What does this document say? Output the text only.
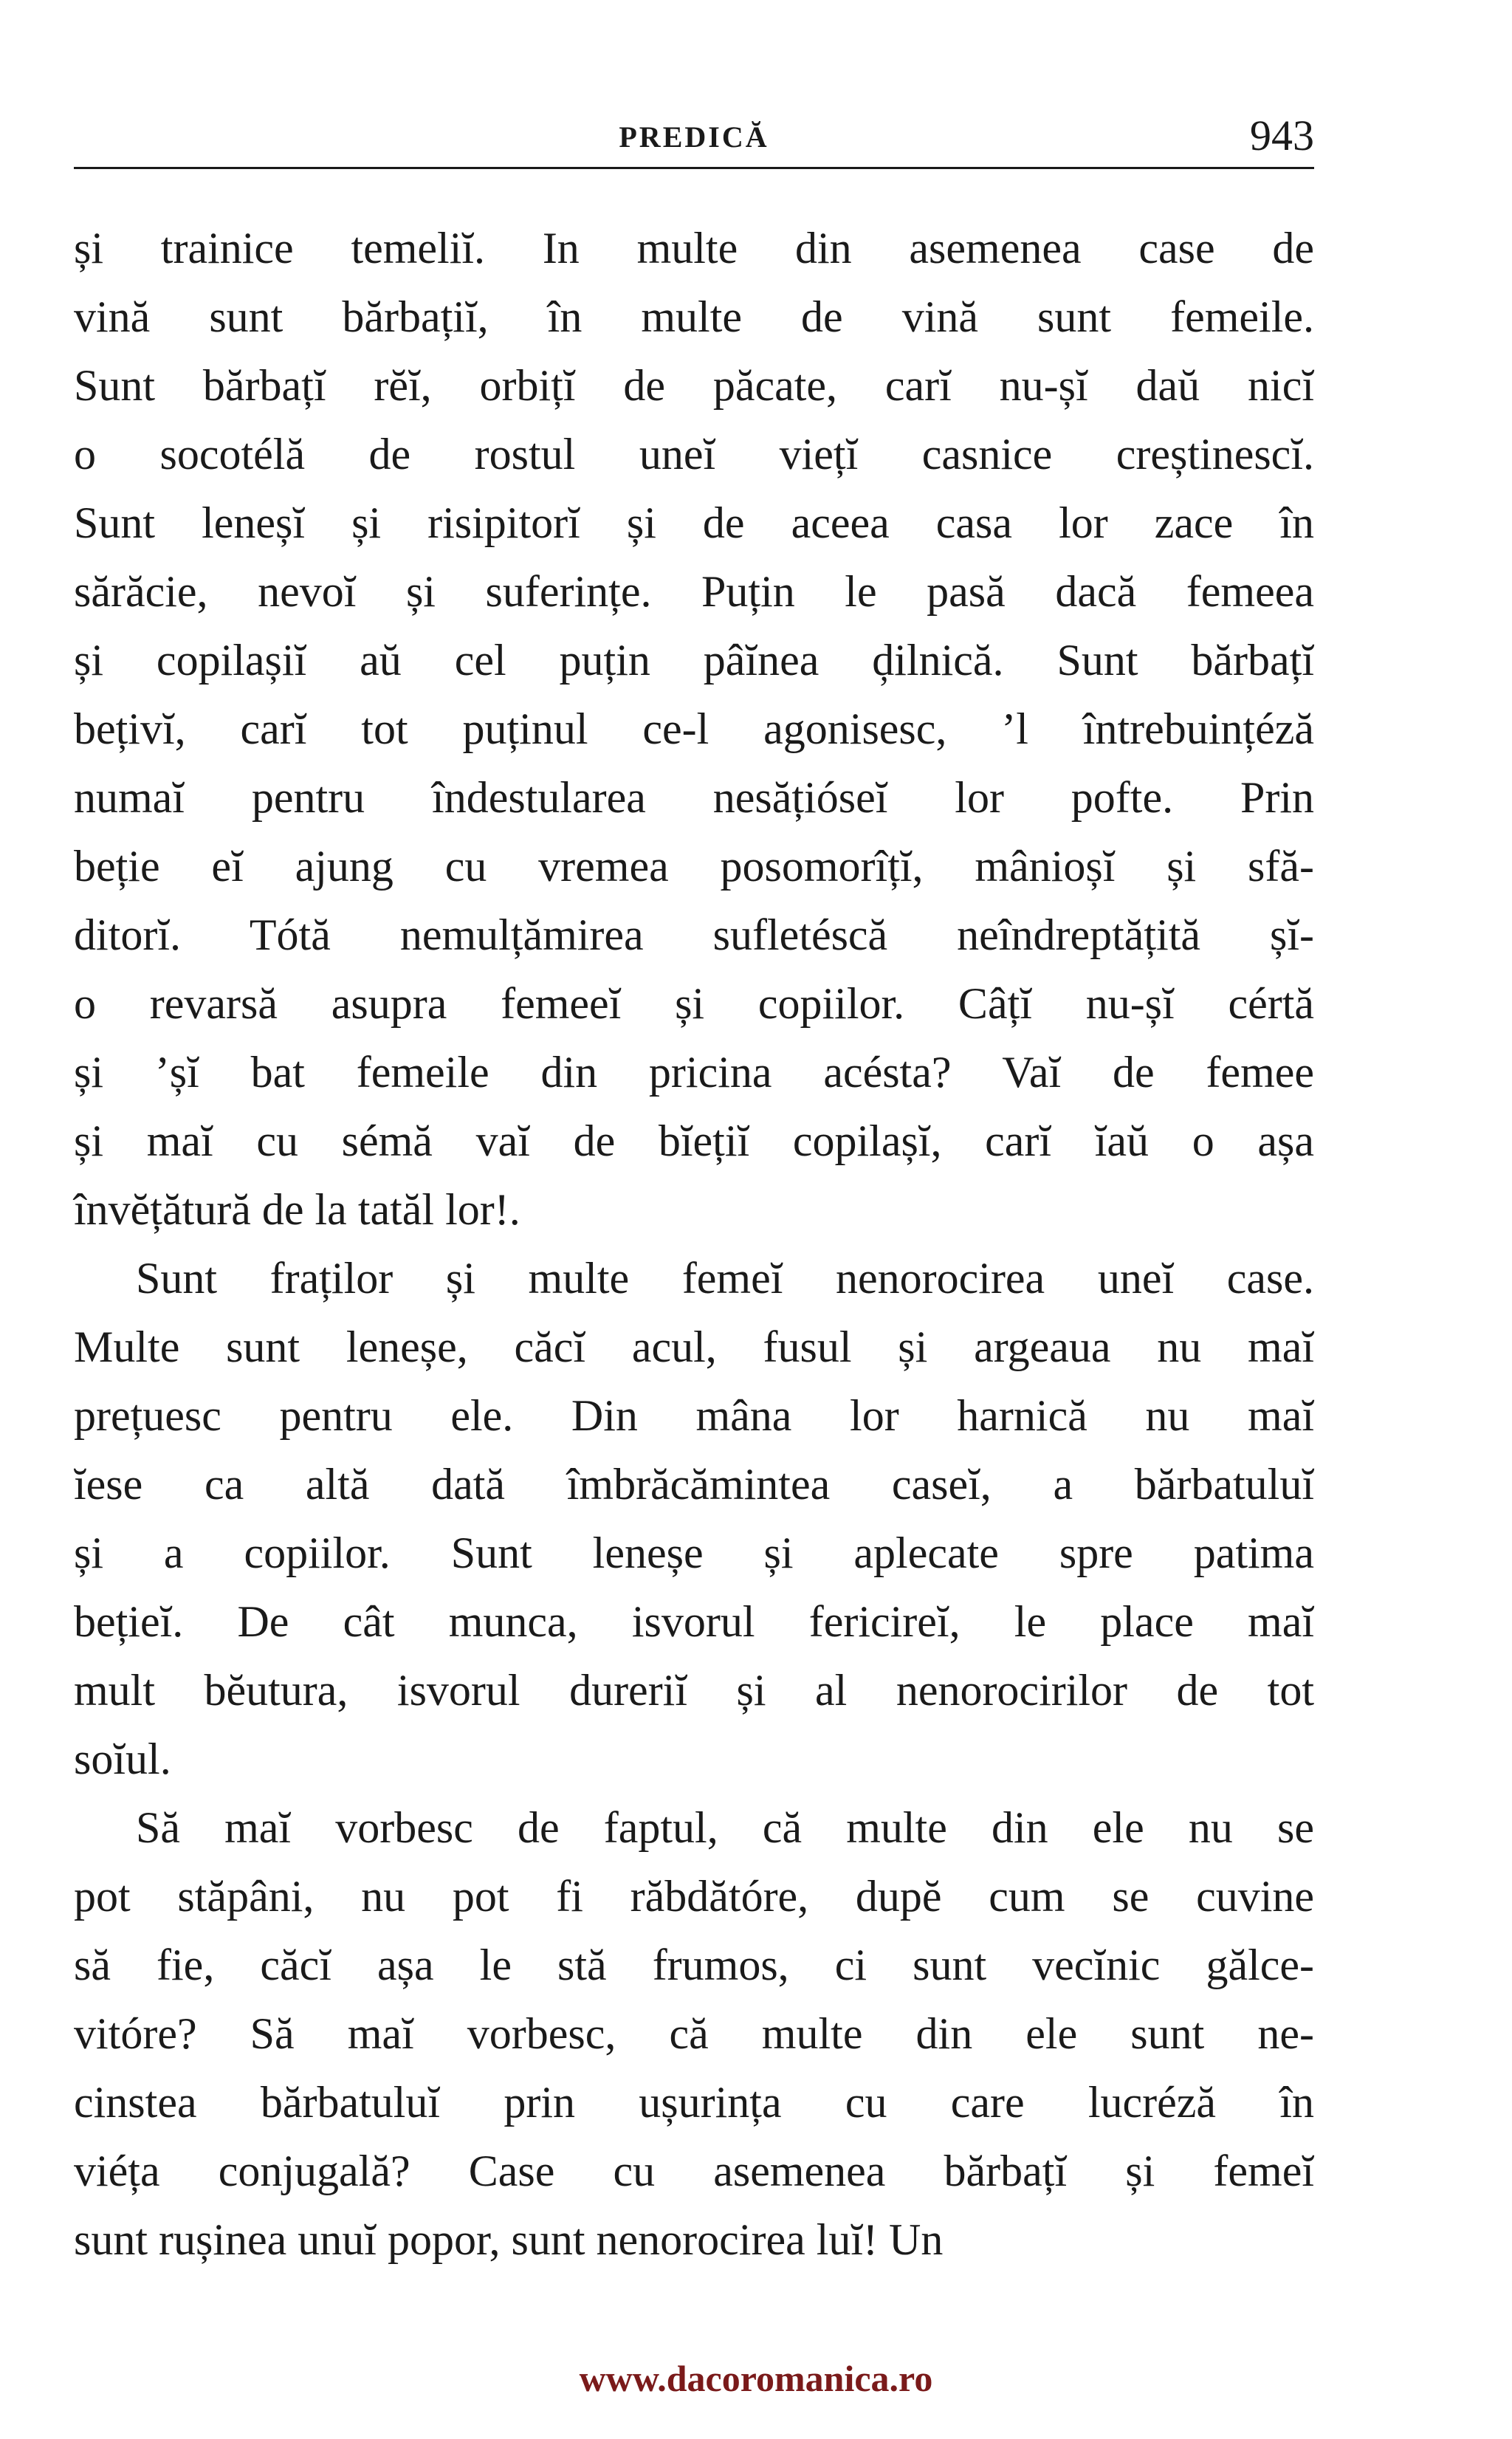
PREDICĂ	943
și trainice temeliĭ. In multe din asemenea case de
vină sunt bărbațiĭ, în multe de vină sunt femeile.
Sunt bărbațĭ rĕĭ, orbițĭ de păcate, carĭ nu-șĭ daŭ nicĭ
o socotélă de rostul uneĭ viețĭ casnice creștinescĭ.
Sunt leneșĭ și risipitorĭ și de aceea casa lor zace în
sărăcie, nevoĭ și suferințe. Puțin le pasă dacă femeea
și copilașiĭ aŭ cel puțin pâĭnea ḑilnică. Sunt bărbațĭ
bețivĭ, carĭ tot puținul ce-l agonisesc, ’l întrebuințéză
numaĭ pentru îndestularea nesățióseĭ lor pofte. Prin
beție eĭ ajung cu vremea posomorîțĭ, mânioșĭ și sfă-
ditorĭ. Tótă nemulțămirea sufletéscă neîndreptățită șĭ-
o revarsă asupra femeeĭ și copiilor. Câțĭ nu-șĭ cértă
și ’șĭ bat femeile din pricina acésta? Vaĭ de femee
și maĭ cu sémă vaĭ de bĭețiĭ copilașĭ, carĭ ĭaŭ o așa
învĕțătură de la tatăl lor!.
Sunt fraților și multe femeĭ nenorocirea uneĭ case.
Multe sunt leneșe, căcĭ acul, fusul și argeaua nu maĭ
prețuesc pentru ele. Din mâna lor harnică nu maĭ
ĭese ca altă dată îmbrăcămintea caseĭ, a bărbatuluĭ
și a copiilor. Sunt leneșe și aplecate spre patima
bețieĭ. De cât munca, isvorul fericireĭ, le place maĭ
mult bĕutura, isvorul dureriĭ și al nenorocirilor de tot
soĭul.
Să maĭ vorbesc de faptul, că multe din ele nu se
pot stăpâni, nu pot fi răbdătóre, dupĕ cum se cuvine
să fie, căcĭ așa le stă frumos, ci sunt vecĭnic gălce-
vitóre? Să maĭ vorbesc, că multe din ele sunt ne-
cinstea bărbatuluĭ prin ușurința cu care lucréză în
viéța conjugală? Case cu asemenea bărbațĭ și femeĭ
sunt rușinea unuĭ popor, sunt nenorocirea luĭ! Un
www.dacoromanica.ro
